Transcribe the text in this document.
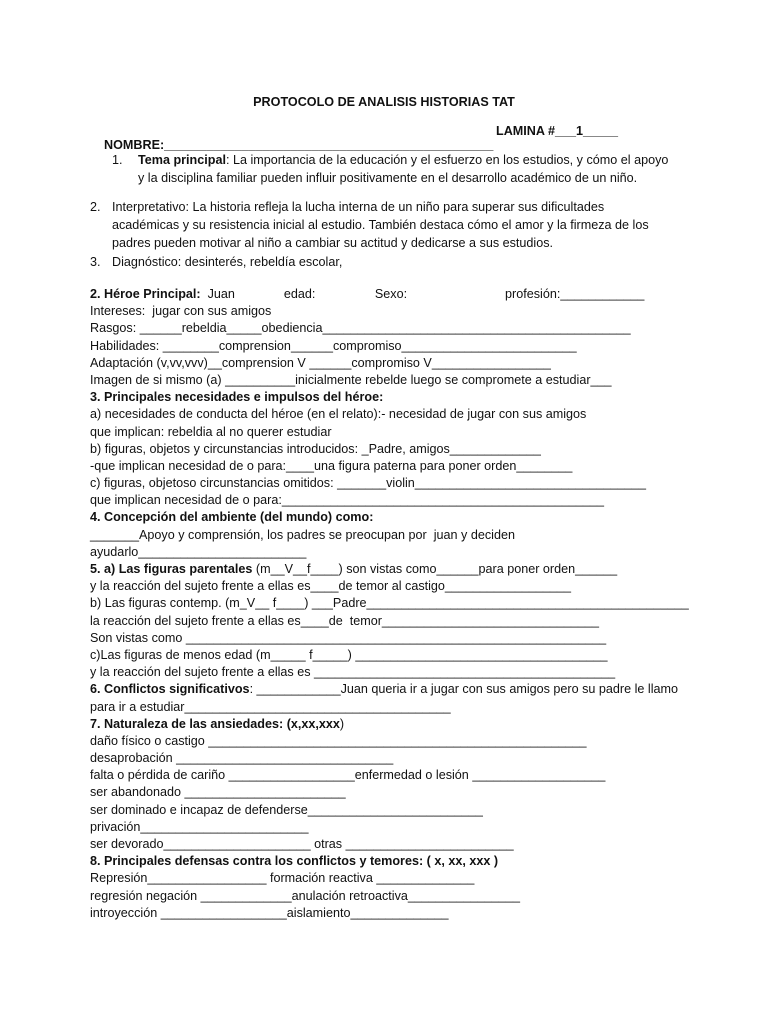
PROTOCOLO DE ANALISIS HISTORIAS TAT

NOMBRE:_______________________________________________

LAMINA #___1_____

1. Tema principal: La importancia de la educación y el esfuerzo en los estudios, y cómo el apoyo y la disciplina familiar pueden influir positivamente en el desarrollo académico de un niño.
2. Interpretativo: La historia refleja la lucha interna de un niño para superar sus dificultades académicas y su resistencia inicial al estudio. También destaca cómo el amor y la firmeza de los padres pueden motivar al niño a cambiar su actitud y dedicarse a sus estudios.
3. Diagnóstico: desinterés, rebeldía escolar,
2. Héroe Principal:  Juan              edad:                 Sexo:                            profesión:____________
Intereses:  jugar con sus amigos
Rasgos: ______rebeldia_____obediencia____________________________________________
Habilidades: ________comprension______compromiso_________________________
Adaptación (v,vv,vvv)__comprension V ______compromiso V_________________
Imagen de si mismo (a) __________inicialmente rebelde luego se compromete a estudiar___
3. Principales necesidades e impulsos del héroe:
a) necesidades de conducta del héroe (en el relato):- necesidad de jugar con sus amigos
que implican: rebeldia al no querer estudiar
b) figuras, objetos y circunstancias introducidos: _Padre, amigos_____________
-que implican necesidad de o para:____una figura paterna para poner orden________
c) figuras, objetoso circunstancias omitidos: _______violin_________________________________
que implican necesidad de o para:______________________________________________
4. Concepción del ambiente (del mundo) como:
_______Apoyo y comprensión, los padres se preocupan por  juan y deciden
ayudarlo________________________
5. a) Las figuras parentales (m__V__f____) son vistas como______para poner orden______
y la reacción del sujeto frente a ellas es____de temor al castigo__________________
b) Las figuras contemp. (m_V__ f____) ___Padre______________________________________________
la reacción del sujeto frente a ellas es____de  temor_______________________________
Son vistas como ____________________________________________________________
c)Las figuras de menos edad (m_____ f_____) ____________________________________
y la reacción del sujeto frente a ellas es ___________________________________________
6. Conflictos significativos: ____________Juan queria ir a jugar con sus amigos pero su padre le llamo
para ir a estudiar______________________________________
7. Naturaleza de las ansiedades: (x,xx,xxx)
daño físico o castigo ______________________________________________________
desaprobación _______________________________
falta o pérdida de cariño __________________enfermedad o lesión ___________________
ser abandonado _______________________
ser dominado e incapaz de defenderse_________________________
privación________________________
ser devorado_____________________ otras ________________________
8. Principales defensas contra los conflictos y temores: ( x, xx, xxx )
Represión_________________ formación reactiva ______________
regresión negación _____________anulación retroactiva________________
introyección __________________aislamiento______________
